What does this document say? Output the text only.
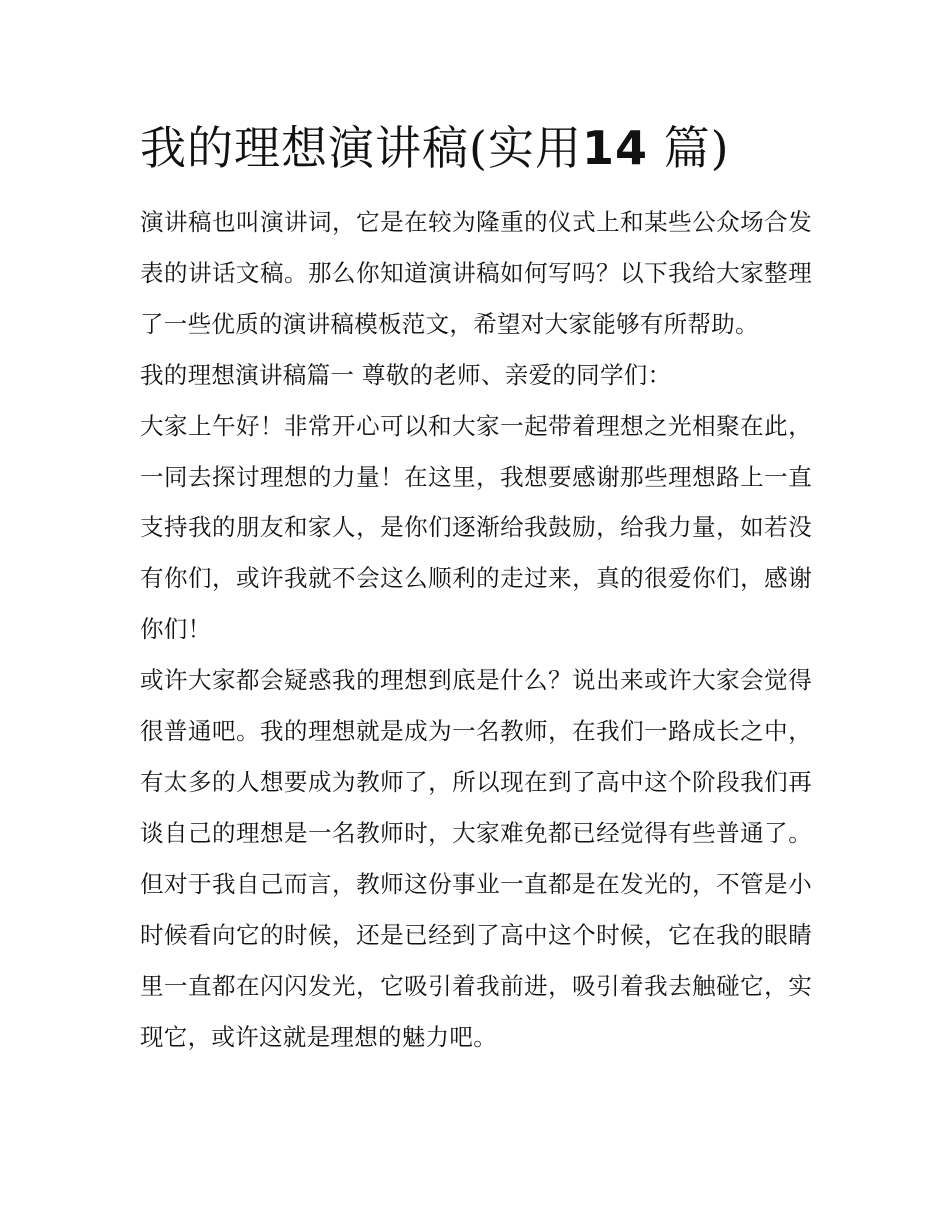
我的理想演讲稿(实用14 篇)

演讲稿也叫演讲词，它是在较为隆重的仪式上和某些公众场合发表的讲话文稿。那么你知道演讲稿如何写吗？以下我给大家整理了一些优质的演讲稿模板范文，希望对大家能够有所帮助。

我的理想演讲稿篇一 尊敬的老师、亲爱的同学们：

大家上午好！非常开心可以和大家一起带着理想之光相聚在此，一同去探讨理想的力量！在这里，我想要感谢那些理想路上一直支持我的朋友和家人，是你们逐渐给我鼓励，给我力量，如若没有你们，或许我就不会这么顺利的走过来，真的很爱你们，感谢你们！

或许大家都会疑惑我的理想到底是什么？说出来或许大家会觉得很普通吧。我的理想就是成为一名教师，在我们一路成长之中，有太多的人想要成为教师了，所以现在到了高中这个阶段我们再谈自己的理想是一名教师时，大家难免都已经觉得有些普通了。但对于我自己而言，教师这份事业一直都是在发光的，不管是小时候看向它的时候，还是已经到了高中这个时候，它在我的眼睛里一直都在闪闪发光，它吸引着我前进，吸引着我去触碰它，实现它，或许这就是理想的魅力吧。
